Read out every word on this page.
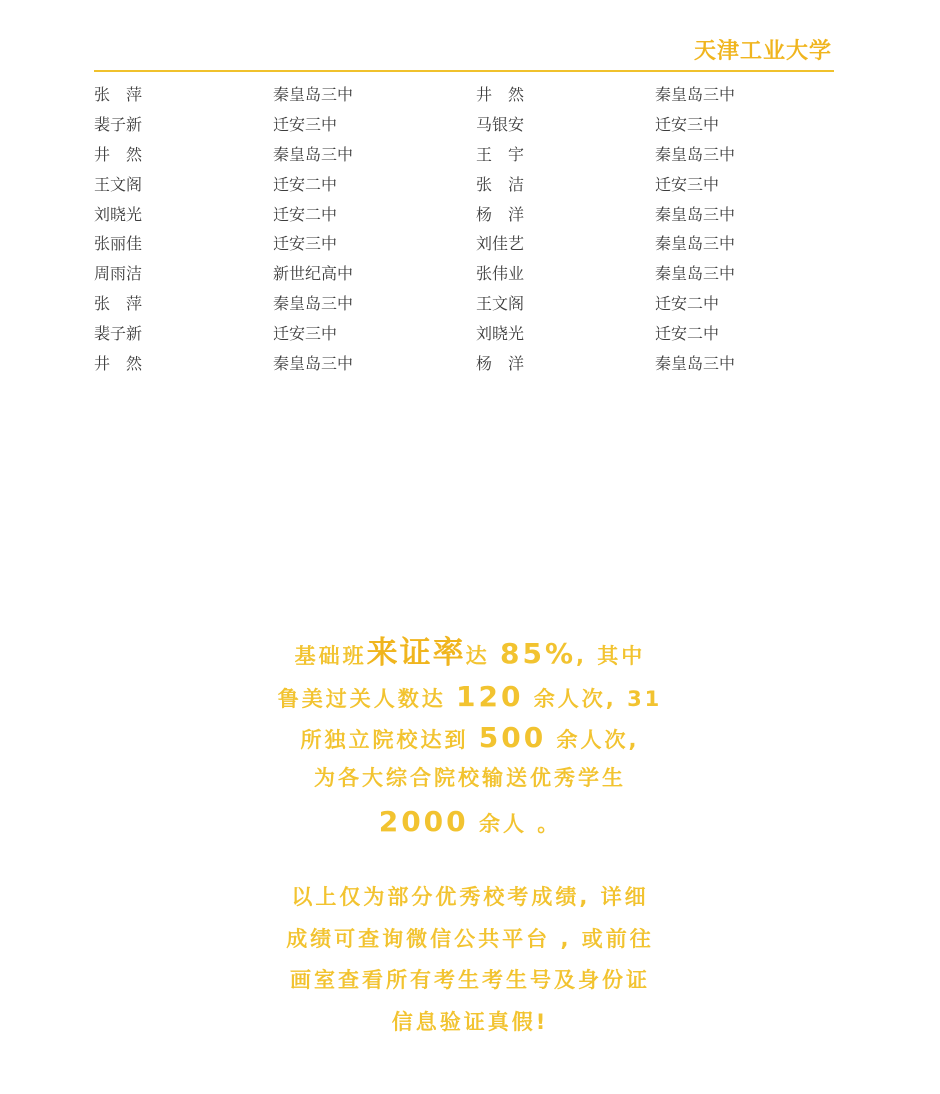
天津工业大学
张　萍	秦皇岛三中	井　然	秦皇岛三中
裴子新	迁安三中	马银安	迁安三中
井　然	秦皇岛三中	王　宇	秦皇岛三中
王文阁	迁安二中	张　洁	迁安三中
刘晓光	迁安二中	杨　洋	秦皇岛三中
张丽佳	迁安三中	刘佳艺	秦皇岛三中
周雨洁	新世纪高中	张伟业	秦皇岛三中
张　萍	秦皇岛三中	王文阁	迁安二中
裴子新	迁安三中	刘晓光	迁安二中
井　然	秦皇岛三中	杨　洋	秦皇岛三中
基础班来证率达 85%, 其中
鲁美过关人数达 120 余人次, 31
所独立院校达到 500 余人次,
为各大综合院校输送优秀学生
2000 余人 。
以上仅为部分优秀校考成绩, 详细
成绩可查询微信公共平台 , 或前往
画室查看所有考生考生号及身份证
信息验证真假!
